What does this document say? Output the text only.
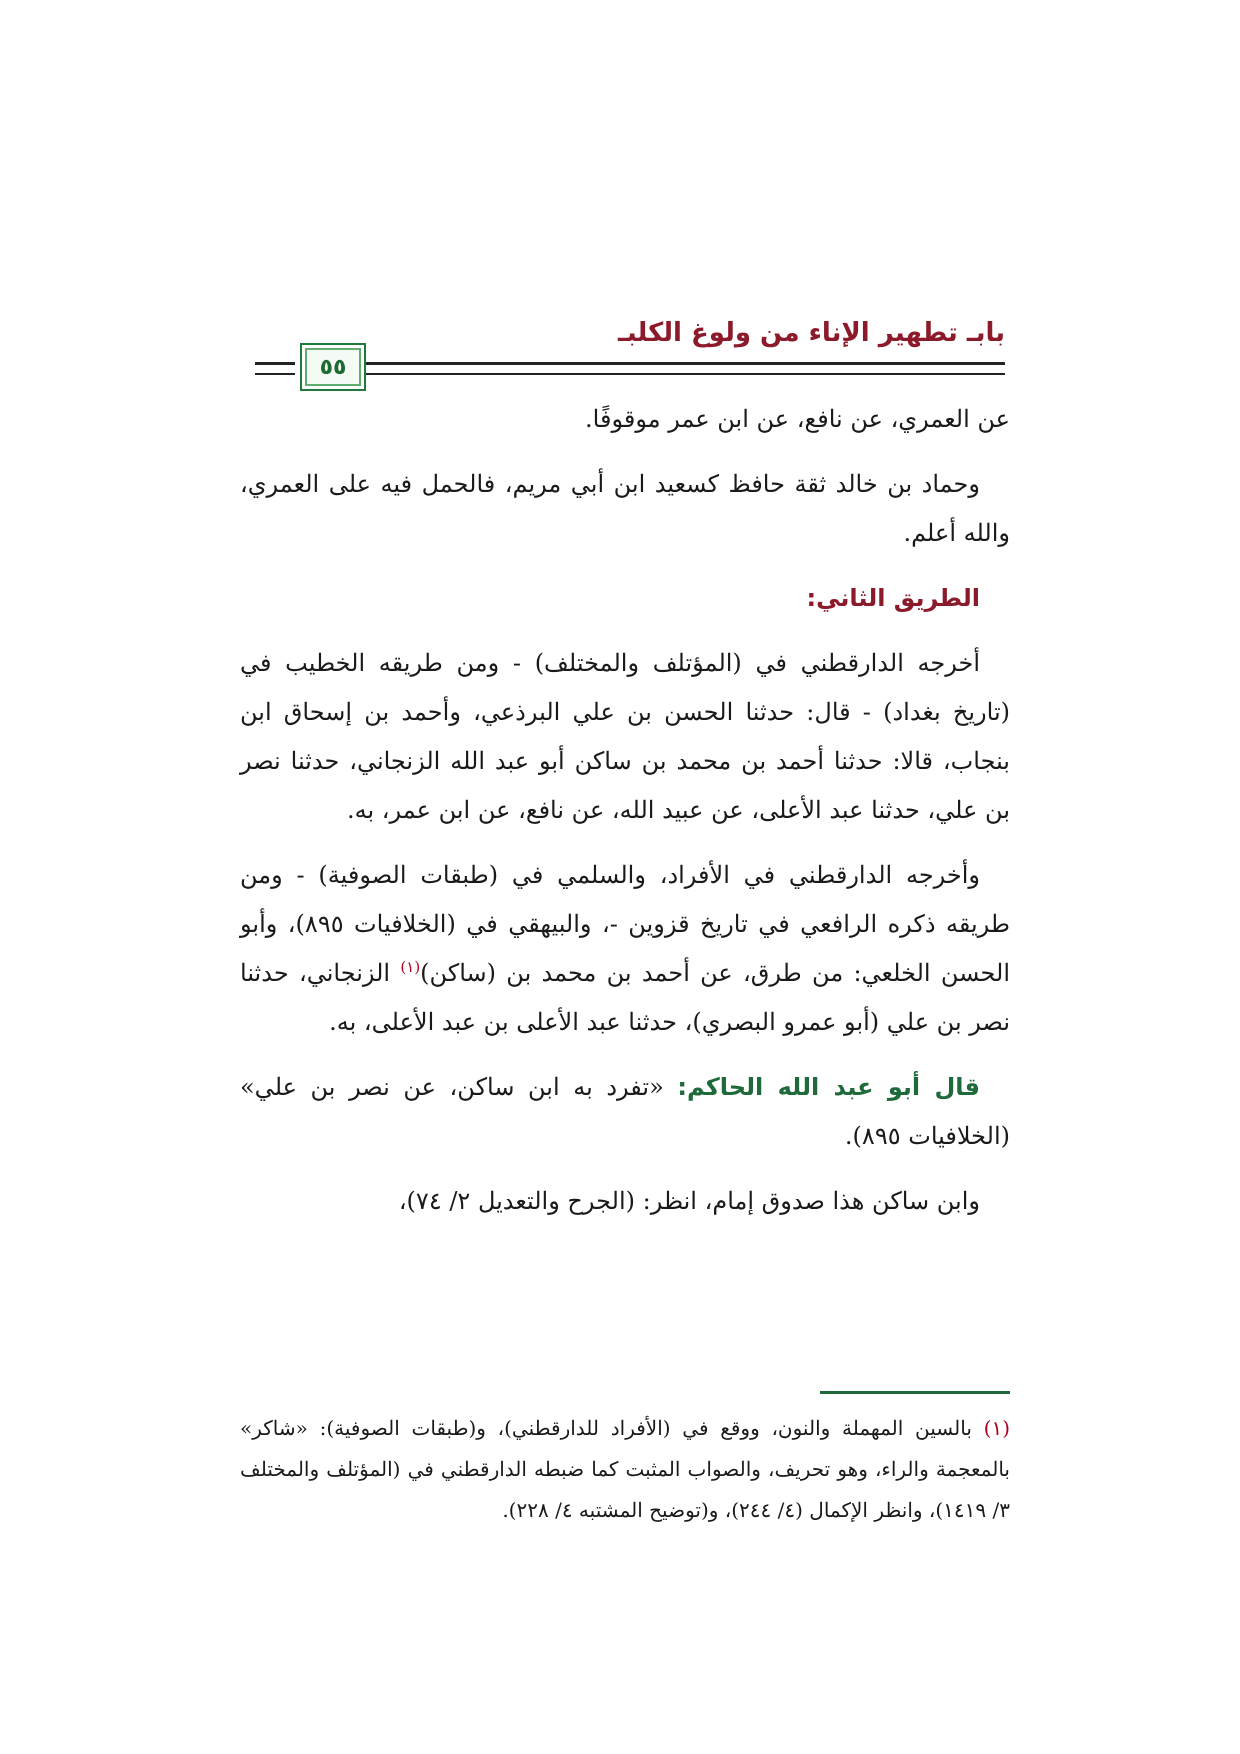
بابـ تطهير الإناء من ولوغ الكلبـ
٥٥

عن العمري، عن نافع، عن ابن عمر موقوفًا.

وحماد بن خالد ثقة حافظ كسعيد ابن أبي مريم، فالحمل فيه على العمري، والله أعلم.

الطريق الثاني:

أخرجه الدارقطني في (المؤتلف والمختلف) - ومن طريقه الخطيب في (تاريخ بغداد) - قال: حدثنا الحسن بن علي البرذعي، وأحمد بن إسحاق ابن بنجاب، قالا: حدثنا أحمد بن محمد بن ساكن أبو عبد الله الزنجاني، حدثنا نصر بن علي، حدثنا عبد الأعلى، عن عبيد الله، عن نافع، عن ابن عمر، به.

وأخرجه الدارقطني في الأفراد، والسلمي في (طبقات الصوفية) - ومن طريقه ذكره الرافعي في تاريخ قزوين -، والبيهقي في (الخلافيات ٨٩٥)، وأبو الحسن الخلعي: من طرق، عن أحمد بن محمد بن (ساكن)$^{(١)}$ الزنجاني، حدثنا نصر بن علي (أبو عمرو البصري)، حدثنا عبد الأعلى بن عبد الأعلى، به.

قال أبو عبد الله الحاكم: «تفرد به ابن ساكن، عن نصر بن علي» (الخلافيات ٨٩٥).

وابن ساكن هذا صدوق إمام، انظر: (الجرح والتعديل ٢/ ٧٤)،

(١) بالسين المهملة والنون، ووقع في (الأفراد للدارقطني)، و(طبقات الصوفية): «شاكر» بالمعجمة والراء، وهو تحريف، والصواب المثبت كما ضبطه الدارقطني في (المؤتلف والمختلف ٣/ ١٤١٩)، وانظر الإكمال (٤/ ٢٤٤)، و(توضيح المشتبه ٤/ ٢٢٨).
